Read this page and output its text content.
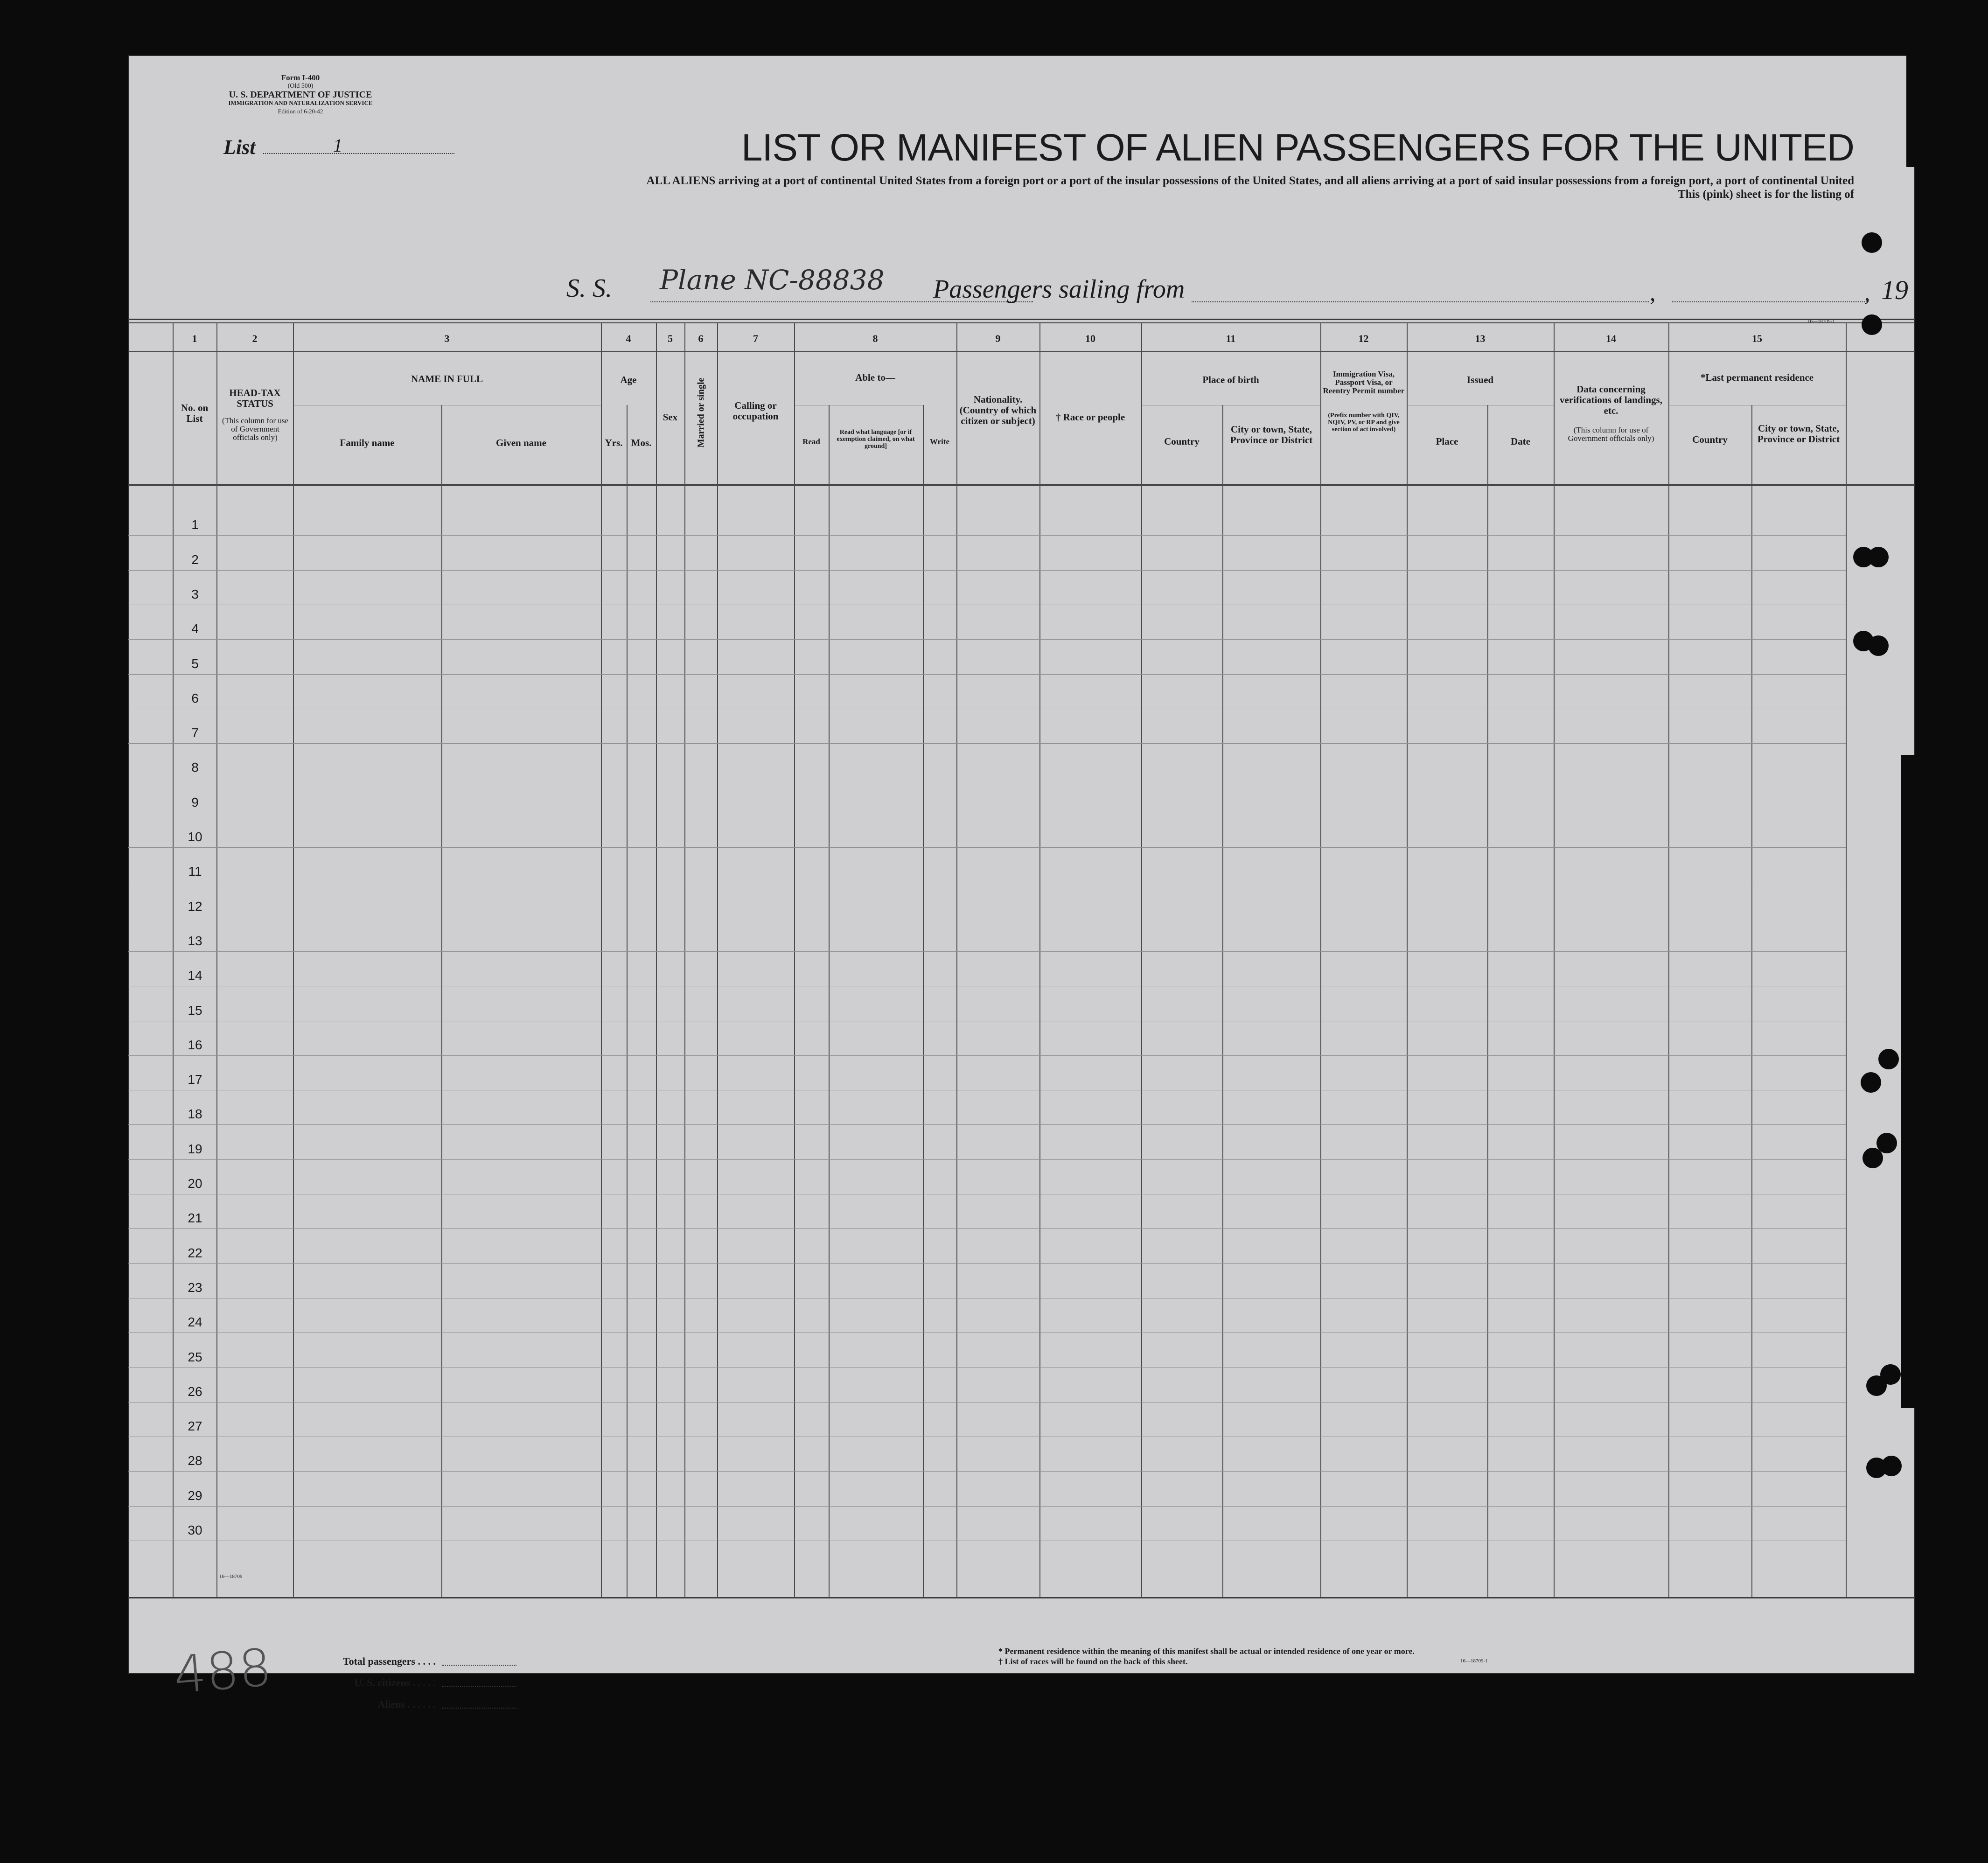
Form I-400
(Old 500)
U. S. DEPARTMENT OF JUSTICE
IMMIGRATION AND NATURALIZATION SERVICE
Edition of 6-20-42
List	1	LIST OR MANIFEST OF ALIEN PASSENGERS FOR THE UNITED
ALL ALIENS arriving at a port of continental United States from a foreign port or a port of the insular possessions of the United States, and all aliens arriving at a port of said insular possessions from a foreign port, a port of continental United
This (pink) sheet is for the listing of
S. S. Plane NC-88838 Passengers sailing from	,	, 19
16—18709-1
1	2	3	4	5	6	7	8	9	10	11	12	13	14	15
No. on List
HEAD-TAX STATUS
(This column for use of Government officials only)
NAME IN FULL
Family name	Given name
Age
Yrs. Mos.
Sex	Married or single	Calling or occupation
Able to—
Read
Read what language [or if exemption claimed, on what ground]
Write
Nationality. (Country of which citizen or subject)	† Race or people
Place of birth
Country
City or town, State, Province or District
Immigration Visa, Passport Visa, or Reentry Permit number
(Prefix number with QIV, NQIV, PV, or RP and give section of act involved)
Issued
Place	Date
Data concerning verifications of landings, etc.
(This column for use of Government officials only)
*Last permanent residence
Country
City or town, State, Province or District
1
2
3
4
5
6
7
8
9
10
11
12
13
14
15
16
17
18
19
20
21
22
23
24
25
26
27
28
29
30
16—18709
488	Total passengers . . . .
U. S. citizens . . . . .
Aliens . . . . . .
* Permanent residence within the meaning of this manifest shall be actual or intended residence of one year or more.
† List of races will be found on the back of this sheet.	16—18709-1
